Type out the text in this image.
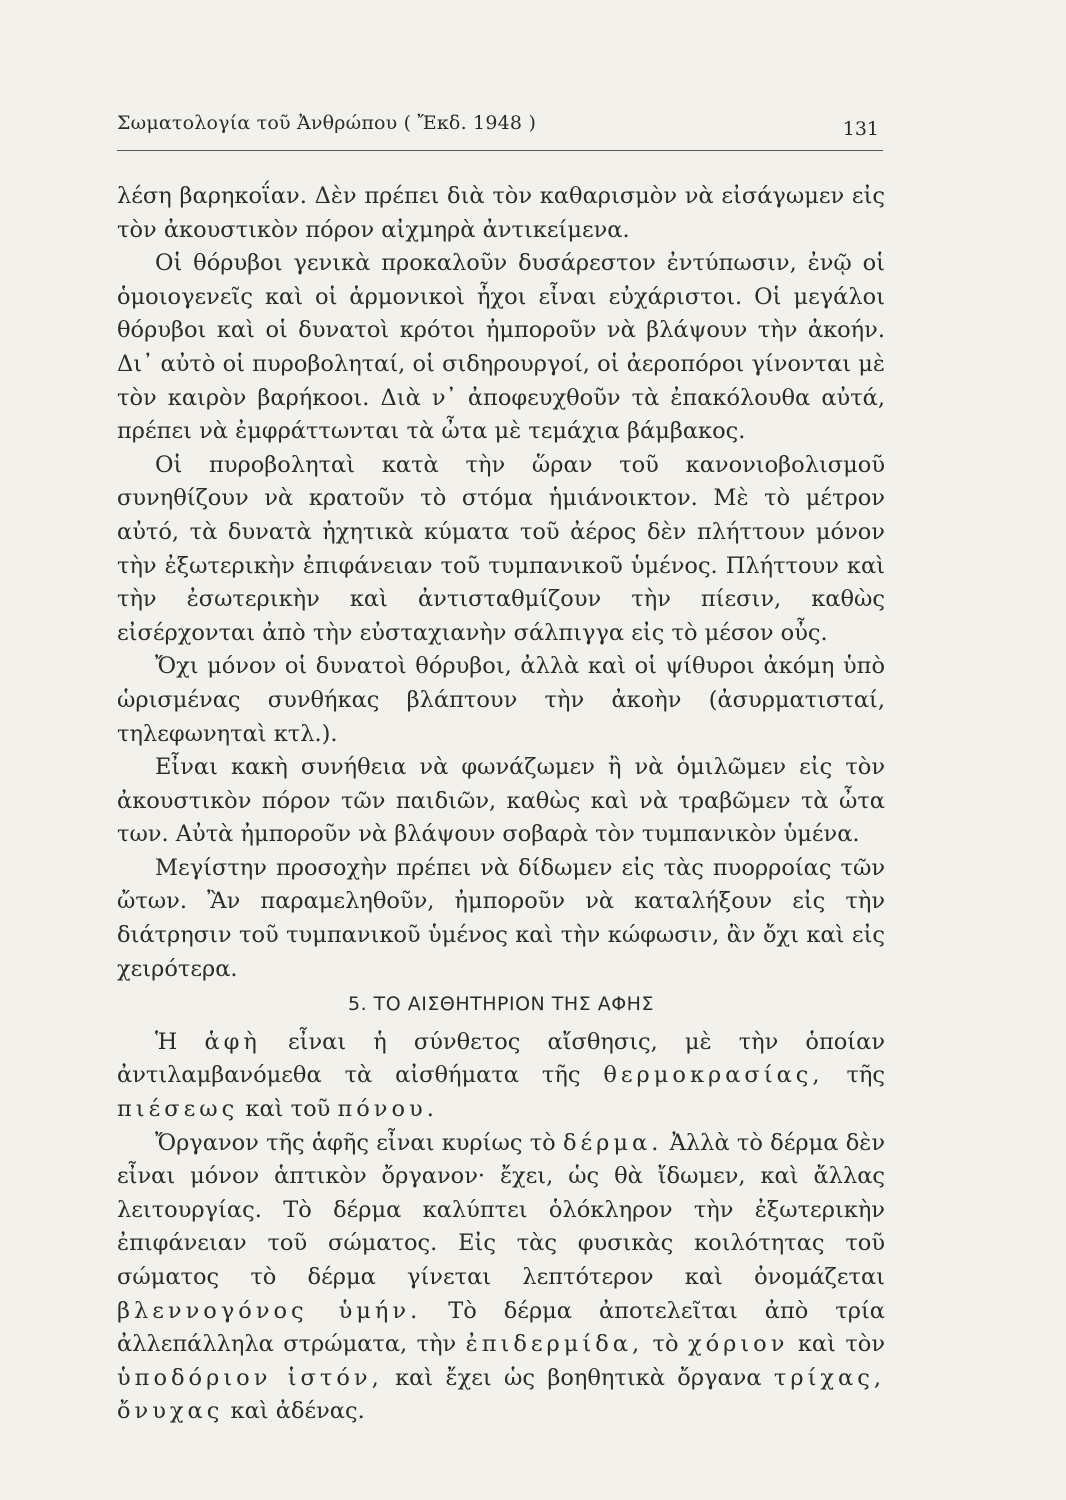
Σωματολογία τοῦ Ἀνθρώπου ( Ἔκδ. 1948 )	131

λέση βαρηκοΐαν. Δὲν πρέπει διὰ τὸν καθαρισμὸν νὰ εἰσάγωμεν εἰς τὸν ἀκουστικὸν πόρον αἰχμηρὰ ἀντικείμενα.

Οἱ θόρυβοι γενικὰ προκαλοῦν δυσάρεστον ἐντύπωσιν, ἐνῷ οἱ ὁμοιογενεῖς καὶ οἱ ἁρμονικοὶ ἦχοι εἶναι εὐχάριστοι. Οἱ μεγάλοι θόρυβοι καὶ οἱ δυνατοὶ κρότοι ἠμποροῦν νὰ βλάψουν τὴν ἀκοήν. Δι᾽ αὐτὸ οἱ πυροβοληταί, οἱ σιδηρουργοί, οἱ ἀεροπόροι γίνονται μὲ τὸν καιρὸν βαρήκοοι. Διὰ ν᾽ ἀποφευχθοῦν τὰ ἐπακόλουθα αὐτά, πρέπει νὰ ἐμφράττωνται τὰ ὦτα μὲ τεμάχια βάμβακος.

Οἱ πυροβοληταὶ κατὰ τὴν ὥραν τοῦ κανονιοβολισμοῦ συνηθίζουν νὰ κρατοῦν τὸ στόμα ἡμιάνοικτον. Μὲ τὸ μέτρον αὐτό, τὰ δυνατὰ ἠχητικὰ κύματα τοῦ ἀέρος δὲν πλήττουν μόνον τὴν ἐξωτερικὴν ἐπιφάνειαν τοῦ τυμπανικοῦ ὑμένος. Πλήττουν καὶ τὴν ἐσωτερικὴν καὶ ἀντισταθμίζουν τὴν πίεσιν, καθὼς εἰσέρχονται ἀπὸ τὴν εὐσταχιανὴν σάλπιγγα εἰς τὸ μέσον οὖς.

Ὄχι μόνον οἱ δυνατοὶ θόρυβοι, ἀλλὰ καὶ οἱ ψίθυροι ἀκόμη ὑπὸ ὡρισμένας συνθήκας βλάπτουν τὴν ἀκοὴν (ἀσυρματισταί, τηλεφωνηταὶ κτλ.).

Εἶναι κακὴ συνήθεια νὰ φωνάζωμεν ἢ νὰ ὁμιλῶμεν εἰς τὸν ἀκουστικὸν πόρον τῶν παιδιῶν, καθὼς καὶ νὰ τραβῶμεν τὰ ὦτα των. Αὐτὰ ἠμποροῦν νὰ βλάψουν σοβαρὰ τὸν τυμπανικὸν ὑμένα.

Μεγίστην προσοχὴν πρέπει νὰ δίδωμεν εἰς τὰς πυορροίας τῶν ὤτων. Ἂν παραμεληθοῦν, ἠμποροῦν νὰ καταλήξουν εἰς τὴν διάτρησιν τοῦ τυμπανικοῦ ὑμένος καὶ τὴν κώφωσιν, ἂν ὄχι καὶ εἰς χειρότερα.

5. ΤΟ ΑΙΣΘΗΤΗΡΙΟΝ ΤΗΣ ΑΦΗΣ

Ἡ ἁφὴ εἶναι ἡ σύνθετος αἴσθησις, μὲ τὴν ὁποίαν ἀντιλαμβανόμεθα τὰ αἰσθήματα τῆς θερμοκρασίας, τῆς πιέσεως καὶ τοῦ πόνου.

Ὄργανον τῆς ἁφῆς εἶναι κυρίως τὸ δέρμα. Ἀλλὰ τὸ δέρμα δὲν εἶναι μόνον ἁπτικὸν ὄργανον· ἔχει, ὡς θὰ ἴδωμεν, καὶ ἄλλας λειτουργίας. Τὸ δέρμα καλύπτει ὁλόκληρον τὴν ἐξωτερικὴν ἐπιφάνειαν τοῦ σώματος. Εἰς τὰς φυσικὰς κοιλότητας τοῦ σώματος τὸ δέρμα γίνεται λεπτότερον καὶ ὀνομάζεται βλεννογόνος ὑμήν. Τὸ δέρμα ἀποτελεῖται ἀπὸ τρία ἀλλεπάλληλα στρώματα, τὴν ἐπιδερμίδα, τὸ χόριον καὶ τὸν ὑποδόριον ἱστόν, καὶ ἔχει ὡς βοηθητικὰ ὄργανα τρίχας, ὄνυχας καὶ ἀδένας.
